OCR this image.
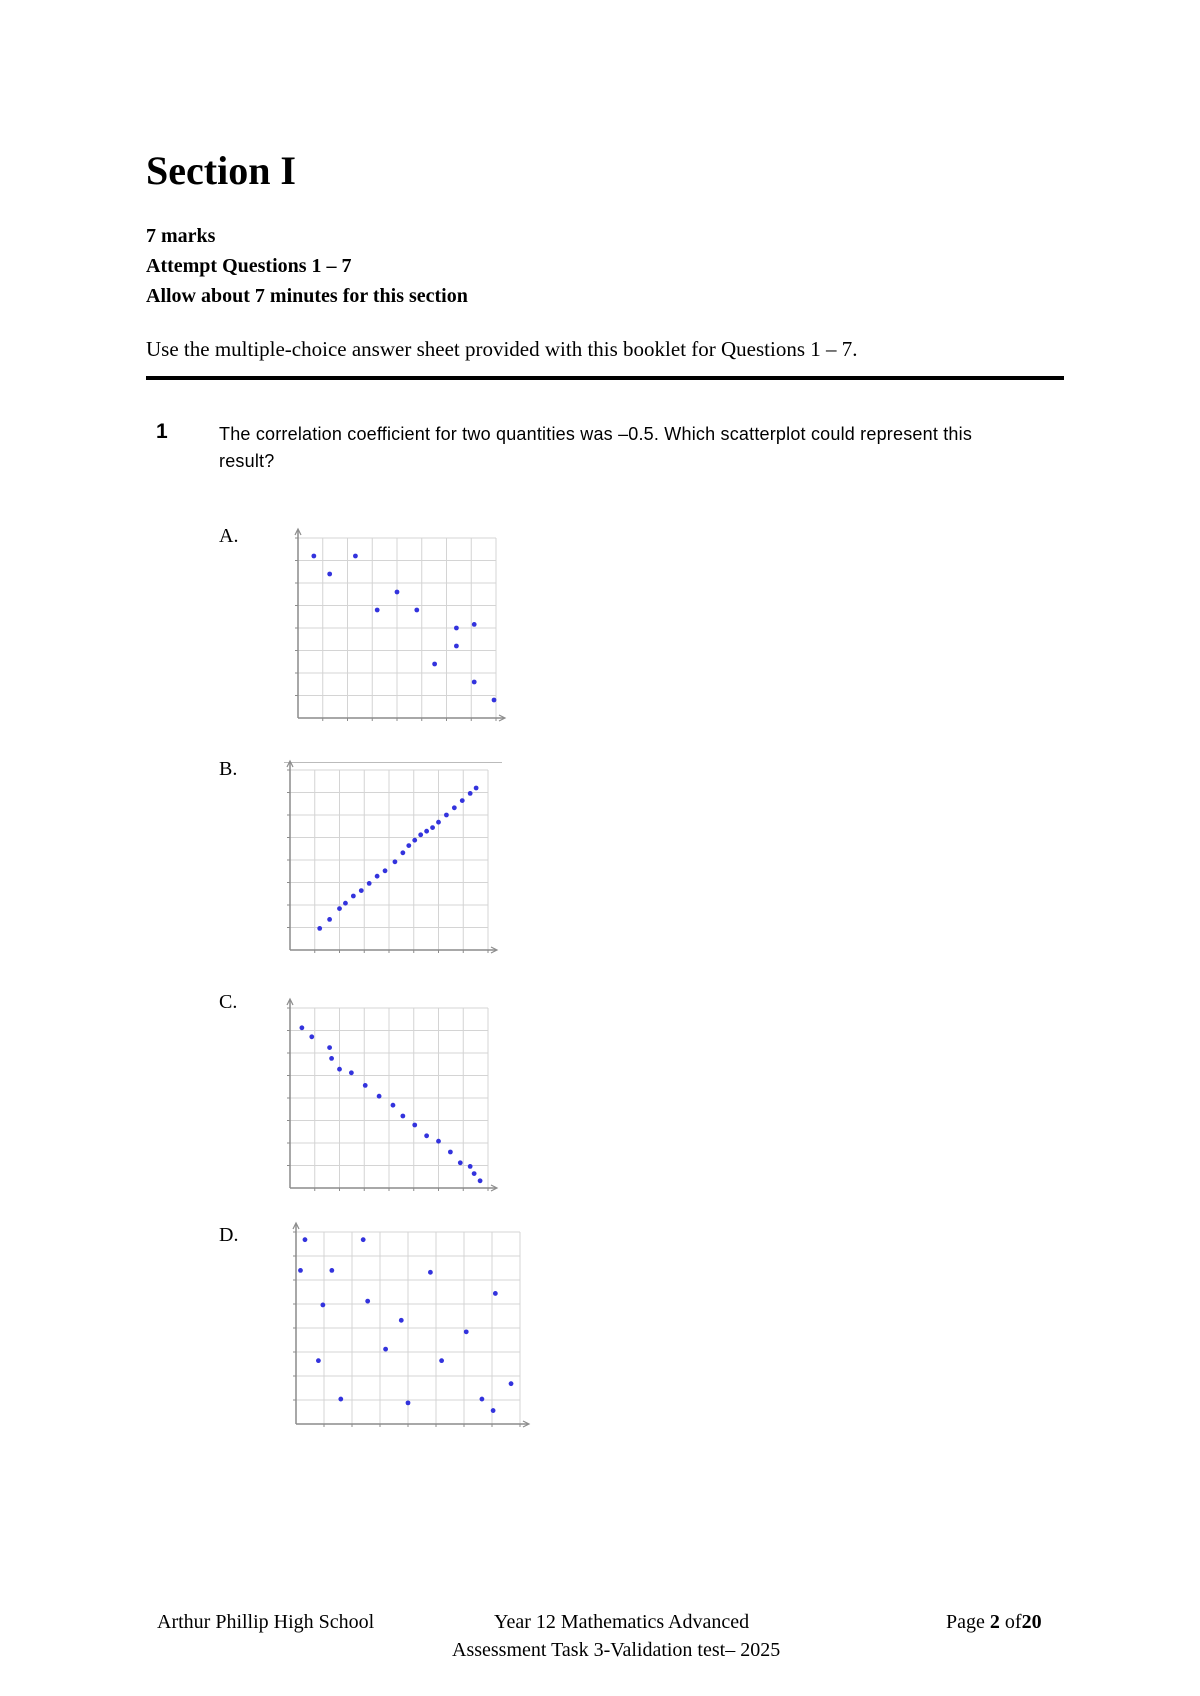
Section I
7 marks
Attempt Questions 1 – 7
Allow about 7 minutes for this section
Use the multiple-choice answer sheet provided with this booklet for Questions 1 – 7.
1	The correlation coefficient for two quantities was –0.5. Which scatterplot could represent this result?
A.
B.
C.
D.
Arthur Phillip High School	Year 12 Mathematics Advanced	Page 2 of20
Assessment Task 3-Validation test– 2025
